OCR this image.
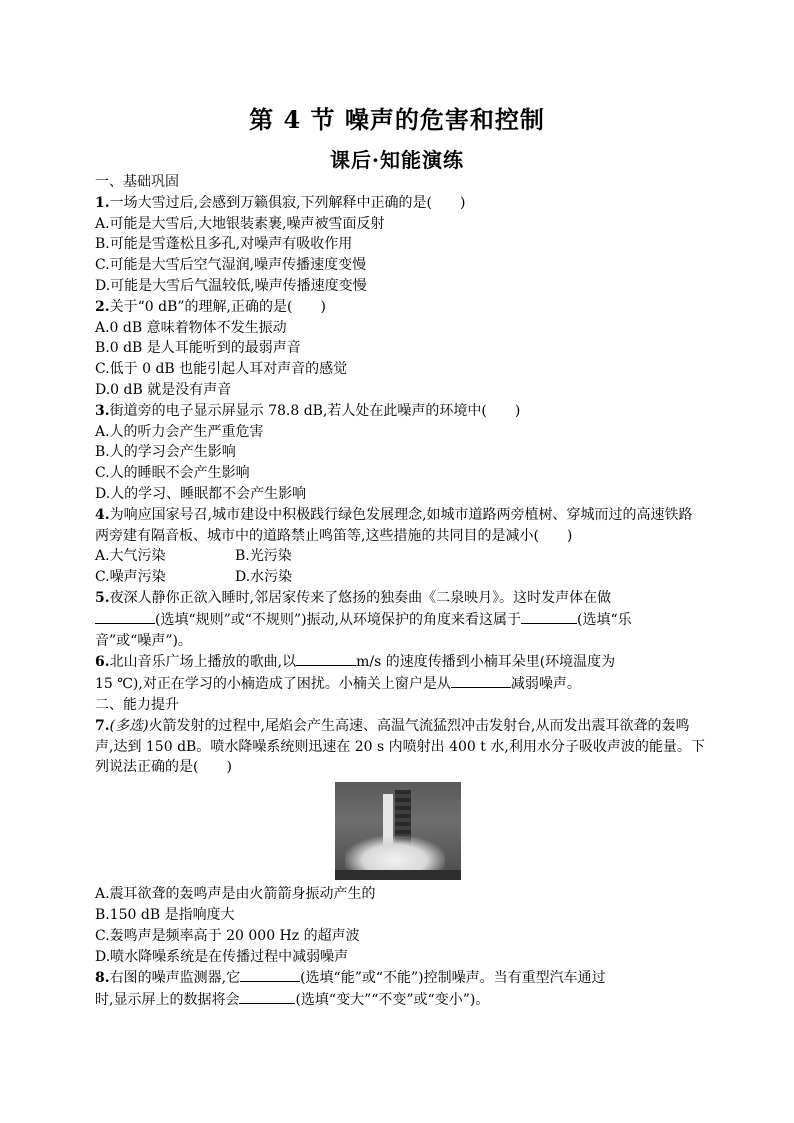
第 4 节 噪声的危害和控制
课后·知能演练
一、基础巩固
1.一场大雪过后,会感到万籁俱寂,下列解释中正确的是(　　)
A.可能是大雪后,大地银装素裹,噪声被雪面反射
B.可能是雪蓬松且多孔,对噪声有吸收作用
C.可能是大雪后空气湿润,噪声传播速度变慢
D.可能是大雪后气温较低,噪声传播速度变慢
2.关于“0 dB”的理解,正确的是(　　)
A.0 dB 意味着物体不发生振动
B.0 dB 是人耳能听到的最弱声音
C.低于 0 dB 也能引起人耳对声音的感觉
D.0 dB 就是没有声音
3.街道旁的电子显示屏显示 78.8 dB,若人处在此噪声的环境中(　　)
A.人的听力会产生严重危害
B.人的学习会产生影响
C.人的睡眠不会产生影响
D.人的学习、睡眠都不会产生影响
4.为响应国家号召,城市建设中积极践行绿色发展理念,如城市道路两旁植树、穿城而过的高速铁路两旁建有隔音板、城市中的道路禁止鸣笛等,这些措施的共同目的是减小(　　)
A.大气污染	B.光污染
C.噪声污染	D.水污染
5.夜深人静你正欲入睡时,邻居家传来了悠扬的独奏曲《二泉映月》。这时发声体在做
(选填“规则”或“不规则”)振动,从环境保护的角度来看这属于	(选填“乐
音”或“噪声”)。
6.北山音乐广场上播放的歌曲,以	m/s 的速度传播到小楠耳朵里(环境温度为
15 ℃),对正在学习的小楠造成了困扰。小楠关上窗户是从	减弱噪声。
二、能力提升
7.(多选)火箭发射的过程中,尾焰会产生高速、高温气流猛烈冲击发射台,从而发出震耳欲聋的轰鸣声,达到 150 dB。喷水降噪系统则迅速在 20 s 内喷射出 400 t 水,利用水分子吸收声波的能量。下列说法正确的是(　　)
A.震耳欲聋的轰鸣声是由火箭箭身振动产生的
B.150 dB 是指响度大
C.轰鸣声是频率高于 20 000 Hz 的超声波
D.喷水降噪系统是在传播过程中减弱噪声
8.右图的噪声监测器,它	(选填“能”或“不能”)控制噪声。当有重型汽车通过
时,显示屏上的数据将会	(选填“变大”“不变”或“变小”)。
